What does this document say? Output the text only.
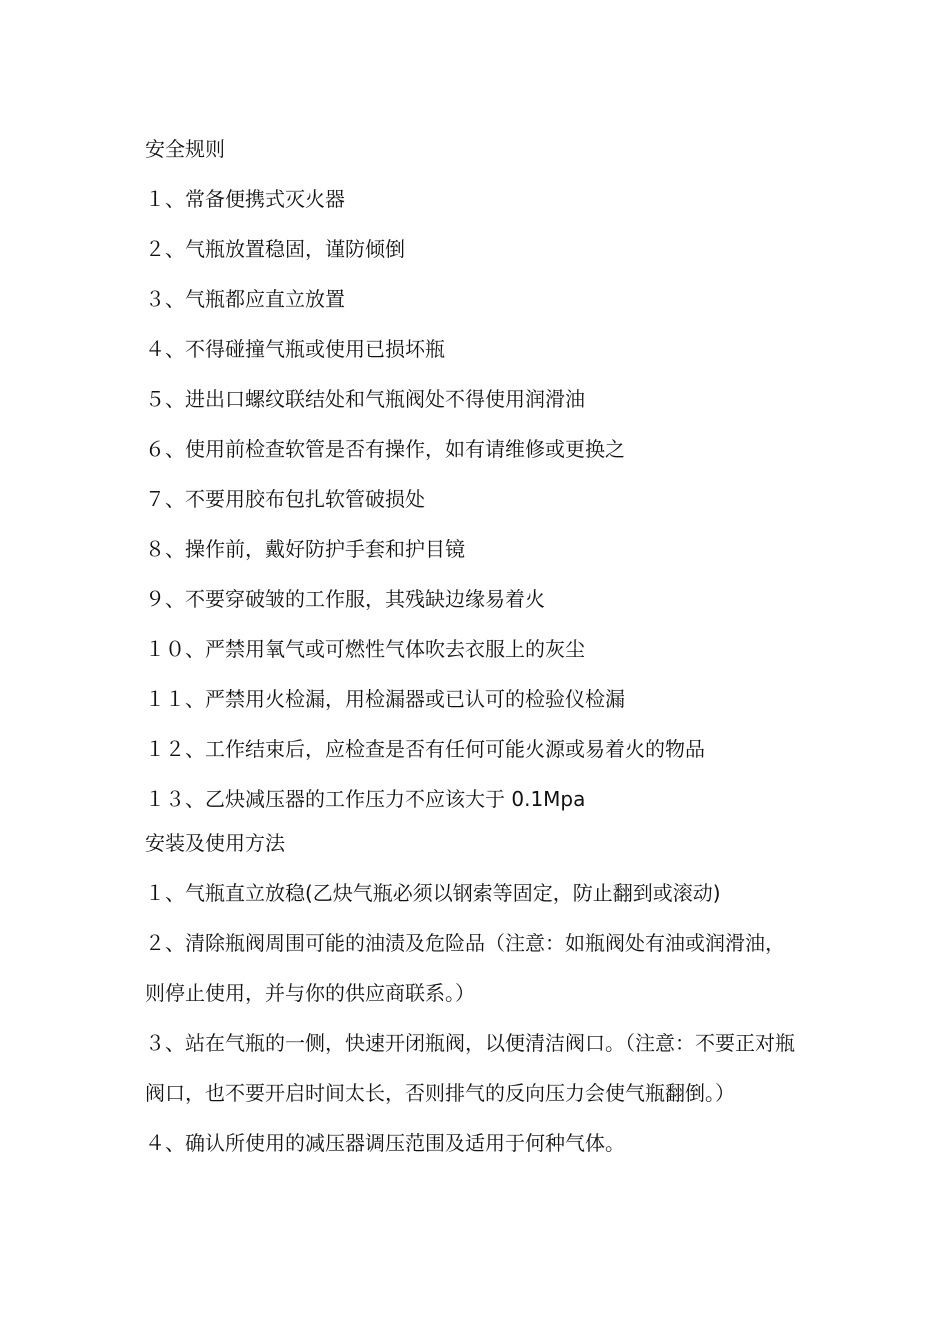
安全规则
１、常备便携式灭火器
２、气瓶放置稳固，谨防倾倒
３、气瓶都应直立放置
４、不得碰撞气瓶或使用已损坏瓶
５、进出口螺纹联结处和气瓶阀处不得使用润滑油
６、使用前检查软管是否有操作，如有请维修或更换之
７、不要用胶布包扎软管破损处
８、操作前，戴好防护手套和护目镜
９、不要穿破皱的工作服，其残缺边缘易着火
１０、严禁用氧气或可燃性气体吹去衣服上的灰尘
１１、严禁用火检漏，用检漏器或已认可的检验仪检漏
１２、工作结束后，应检查是否有任何可能火源或易着火的物品
１３、乙炔减压器的工作压力不应该大于 0.1Mpa
安装及使用方法
１、气瓶直立放稳(乙炔气瓶必须以钢索等固定，防止翻到或滚动)
２、清除瓶阀周围可能的油渍及危险品（注意：如瓶阀处有油或润滑油，则停止使用，并与你的供应商联系。）
３、站在气瓶的一侧，快速开闭瓶阀，以便清洁阀口。（注意：不要正对瓶阀口，也不要开启时间太长，否则排气的反向压力会使气瓶翻倒。）
４、确认所使用的减压器调压范围及适用于何种气体。
